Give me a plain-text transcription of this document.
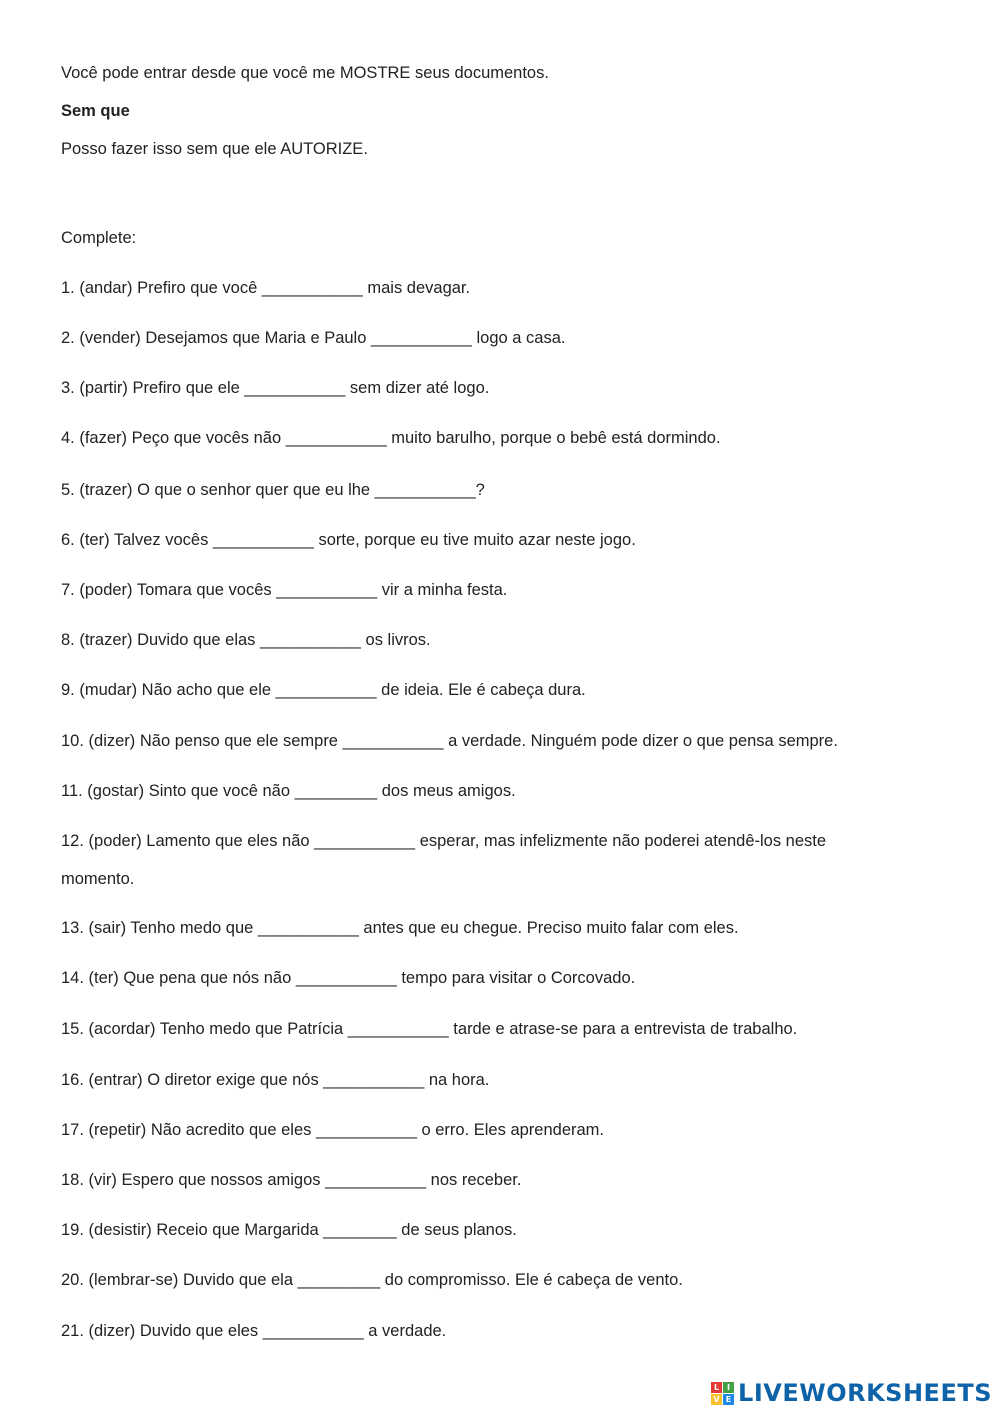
Você pode entrar desde que você me MOSTRE seus documentos.
Sem que
Posso fazer isso sem que ele AUTORIZE.
Complete:
1. (andar) Prefiro que você ___________ mais devagar.
2. (vender) Desejamos que Maria e Paulo ___________ logo a casa.
3. (partir) Prefiro que ele ___________ sem dizer até logo.
4. (fazer) Peço que vocês não ___________ muito barulho, porque o bebê está dormindo.
5. (trazer) O que o senhor quer que eu lhe ___________?
6. (ter) Talvez vocês ___________ sorte, porque eu tive muito azar neste jogo.
7. (poder) Tomara que vocês ___________ vir a minha festa.
8. (trazer) Duvido que elas ___________ os livros.
9. (mudar) Não acho que ele ___________ de ideia. Ele é cabeça dura.
10. (dizer) Não penso que ele sempre ___________ a verdade. Ninguém pode dizer o que pensa sempre.
11. (gostar) Sinto que você não _________ dos meus amigos.
12. (poder) Lamento que eles não ___________ esperar, mas infelizmente não poderei atendê-los neste
momento.
13. (sair) Tenho medo que ___________ antes que eu chegue. Preciso muito falar com eles.
14. (ter) Que pena que nós não ___________ tempo para visitar o Corcovado.
15. (acordar) Tenho medo que Patrícia ___________ tarde e atrase-se para a entrevista de trabalho.
16. (entrar) O diretor exige que nós ___________ na hora.
17. (repetir) Não acredito que eles ___________ o erro. Eles aprenderam.
18. (vir) Espero que nossos amigos ___________ nos receber.
19. (desistir) Receio que Margarida ________ de seus planos.
20. (lembrar-se) Duvido que ela _________ do compromisso. Ele é cabeça de vento.
21. (dizer) Duvido que eles ___________ a verdade.
L I
V E LIVEWORKSHEETS
